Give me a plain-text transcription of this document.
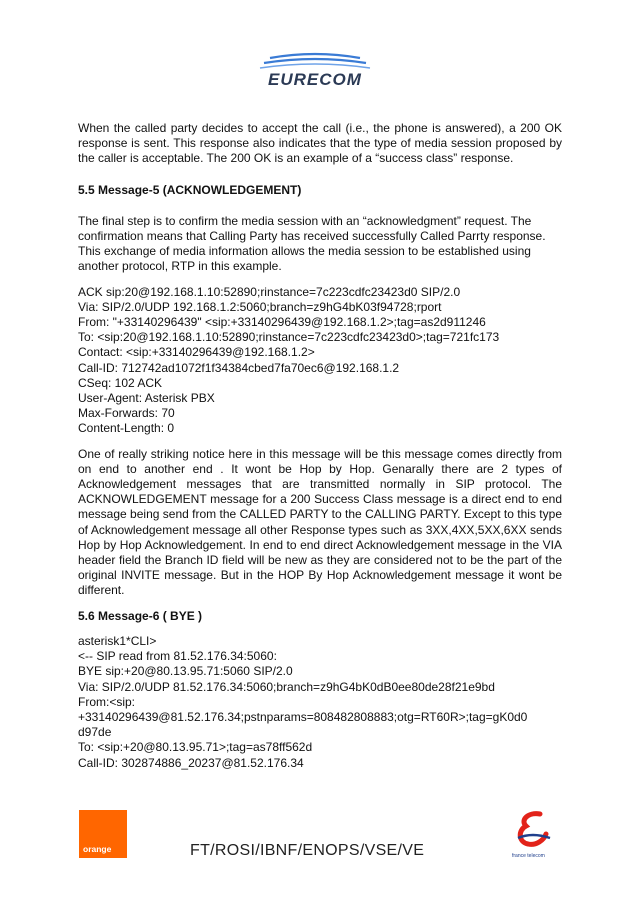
EURECOM

When the called party decides to accept the call (i.e., the phone is answered), a 200 OK response is sent. This response also indicates that the type of media session proposed by the caller is acceptable. The 200 OK is an example of a “success class” response.

5.5 Message-5 (ACKNOWLEDGEMENT)

The final step is to confirm the media session with an “acknowledgment” request. The confirmation means that Calling Party has received successfully Called Parrty response. This exchange of media information allows the media session to be established using another protocol, RTP in this example.

ACK sip:20@192.168.1.10:52890;rinstance=7c223cdfc23423d0 SIP/2.0
Via: SIP/2.0/UDP 192.168.1.2:5060;branch=z9hG4bK03f94728;rport
From: "+33140296439" <sip:+33140296439@192.168.1.2>;tag=as2d911246
To: <sip:20@192.168.1.10:52890;rinstance=7c223cdfc23423d0>;tag=721fc173
Contact: <sip:+33140296439@192.168.1.2>
Call-ID: 712742ad1072f1f34384cbed7fa70ec6@192.168.1.2
CSeq: 102 ACK
User-Agent: Asterisk PBX
Max-Forwards: 70
Content-Length: 0

One of really striking notice here in this message will be this message comes directly from on end to another end . It wont be Hop by Hop. Genarally there are 2 types of Acknowledgement messages that are transmitted normally in SIP protocol. The ACKNOWLEDGEMENT message for a 200 Success Class message is a direct end to end message being send from the CALLED PARTY to the CALLING PARTY. Except to this type of Acknowledgement message all other Response types such as 3XX,4XX,5XX,6XX sends Hop by Hop Acknowledgement. In end to end direct Acknowledgement message in the VIA header field the Branch ID field will be new as they are considered not to be the part of the original INVITE message. But in the HOP By Hop Acknowledgement message it wont be different.

5.6 Message-6 ( BYE )

asterisk1*CLI>
<-- SIP read from 81.52.176.34:5060:
BYE sip:+20@80.13.95.71:5060 SIP/2.0
Via: SIP/2.0/UDP 81.52.176.34:5060;branch=z9hG4bK0dB0ee80de28f21e9bd
From:<sip:
+33140296439@81.52.176.34;pstnparams=808482808883;otg=RT60R>;tag=gK0d0
d97de
To: <sip:+20@80.13.95.71>;tag=as78ff562d
Call-ID: 302874886_20237@81.52.176.34
orange	FT/ROSI/IBNF/ENOPS/VSE/VE	france telecom
